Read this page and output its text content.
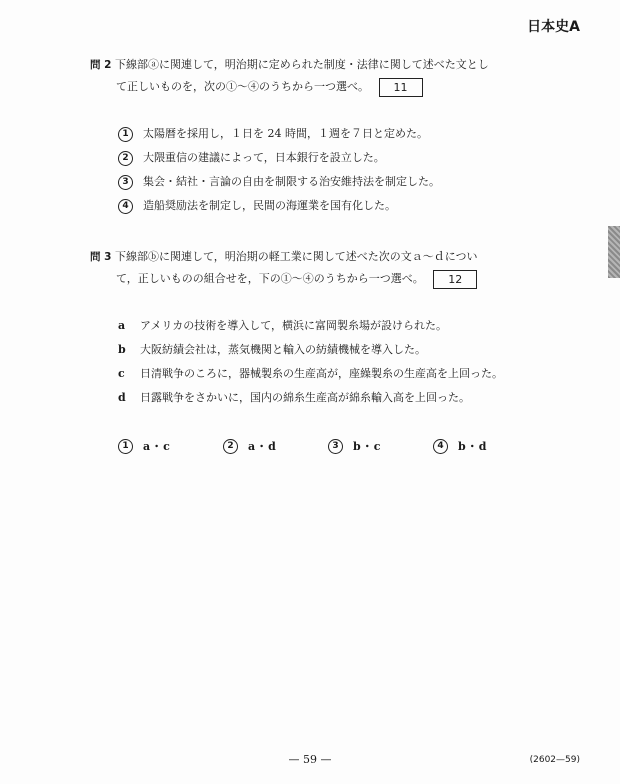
日本史A
問 2 下線部ⓐに関連して，明治期に定められた制度・法律に関して述べた文とし
て正しいものを，次の①〜④のうちから一つ選べ。 11
1	太陽暦を採用し，１日を 24 時間，１週を７日と定めた。
2	大隈重信の建議によって，日本銀行を設立した。
3	集会・結社・言論の自由を制限する治安維持法を制定した。
4	造船奨励法を制定し，民間の海運業を国有化した。
問 3 下線部ⓑに関連して，明治期の軽工業に関して述べた次の文ａ〜ｄについ
て，正しいものの組合せを，下の①〜④のうちから一つ選べ。 12
a	アメリカの技術を導入して，横浜に富岡製糸場が設けられた。
b	大阪紡績会社は，蒸気機関と輸入の紡績機械を導入した。
c	日清戦争のころに，器械製糸の生産高が，座繰製糸の生産高を上回った。
d	日露戦争をさかいに，国内の綿糸生産高が綿糸輸入高を上回った。
1	a・c	2	a・d	3	b・c	4	b・d
— 59 —	(2602—59)
